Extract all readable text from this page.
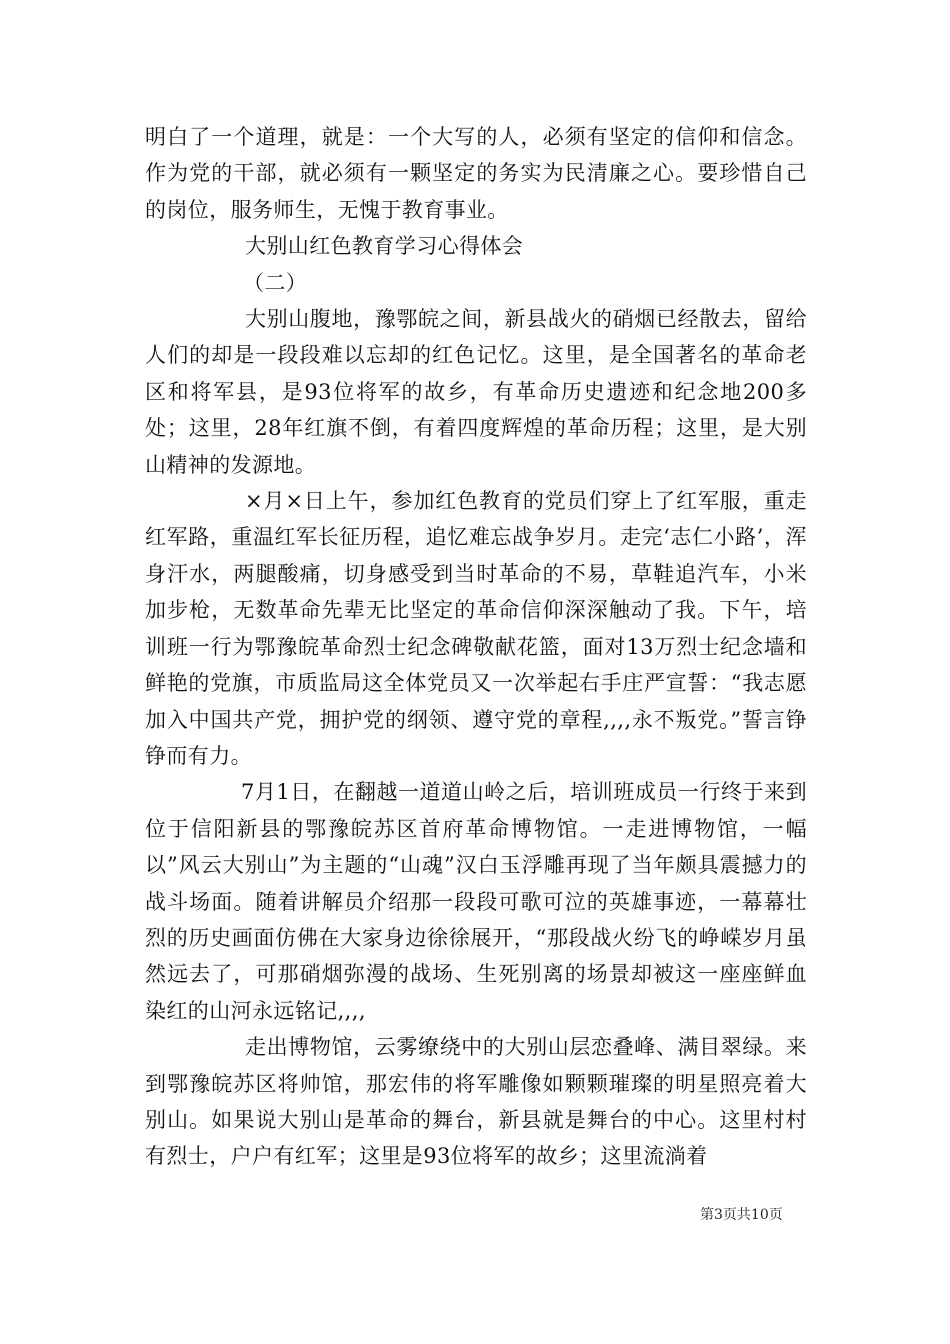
明白了一个道理，就是：一个大写的人，必须有坚定的信仰和信念。作为党的干部，就必须有一颗坚定的务实为民清廉之心。要珍惜自己的岗位，服务师生，无愧于教育事业。

大别山红色教育学习心得体会

（二）

大别山腹地，豫鄂皖之间，新县战火的硝烟已经散去，留给人们的却是一段段难以忘却的红色记忆。这里，是全国著名的革命老区和将军县，是93位将军的故乡，有革命历史遗迹和纪念地200多处；这里，28年红旗不倒，有着四度辉煌的革命历程；这里，是大别山精神的发源地。

×月×日上午，参加红色教育的党员们穿上了红军服，重走红军路，重温红军长征历程，追忆难忘战争岁月。走完‘志仁小路’，浑身汗水，两腿酸痛，切身感受到当时革命的不易，草鞋追汽车，小米加步枪，无数革命先辈无比坚定的革命信仰深深触动了我。下午，培训班一行为鄂豫皖革命烈士纪念碑敬献花篮，面对13万烈士纪念墙和鲜艳的党旗，市质监局这全体党员又一次举起右手庄严宣誓：“我志愿加入中国共产党，拥护党的纲领、遵守党的章程,,,,永不叛党。”誓言铮铮而有力。

7月1日，在翻越一道道山岭之后，培训班成员一行终于来到位于信阳新县的鄂豫皖苏区首府革命博物馆。一走进博物馆，一幅以”风云大别山”为主题的“山魂”汉白玉浮雕再现了当年颇具震撼力的战斗场面。随着讲解员介绍那一段段可歌可泣的英雄事迹，一幕幕壮烈的历史画面仿佛在大家身边徐徐展开，“那段战火纷飞的峥嵘岁月虽然远去了，可那硝烟弥漫的战场、生死别离的场景却被这一座座鲜血染红的山河永远铭记,,,,

走出博物馆，云雾缭绕中的大别山层恋叠峰、满目翠绿。来到鄂豫皖苏区将帅馆，那宏伟的将军雕像如颗颗璀璨的明星照亮着大别山。如果说大别山是革命的舞台，新县就是舞台的中心。这里村村有烈士，户户有红军；这里是93位将军的故乡；这里流淌着

第3页共10页
